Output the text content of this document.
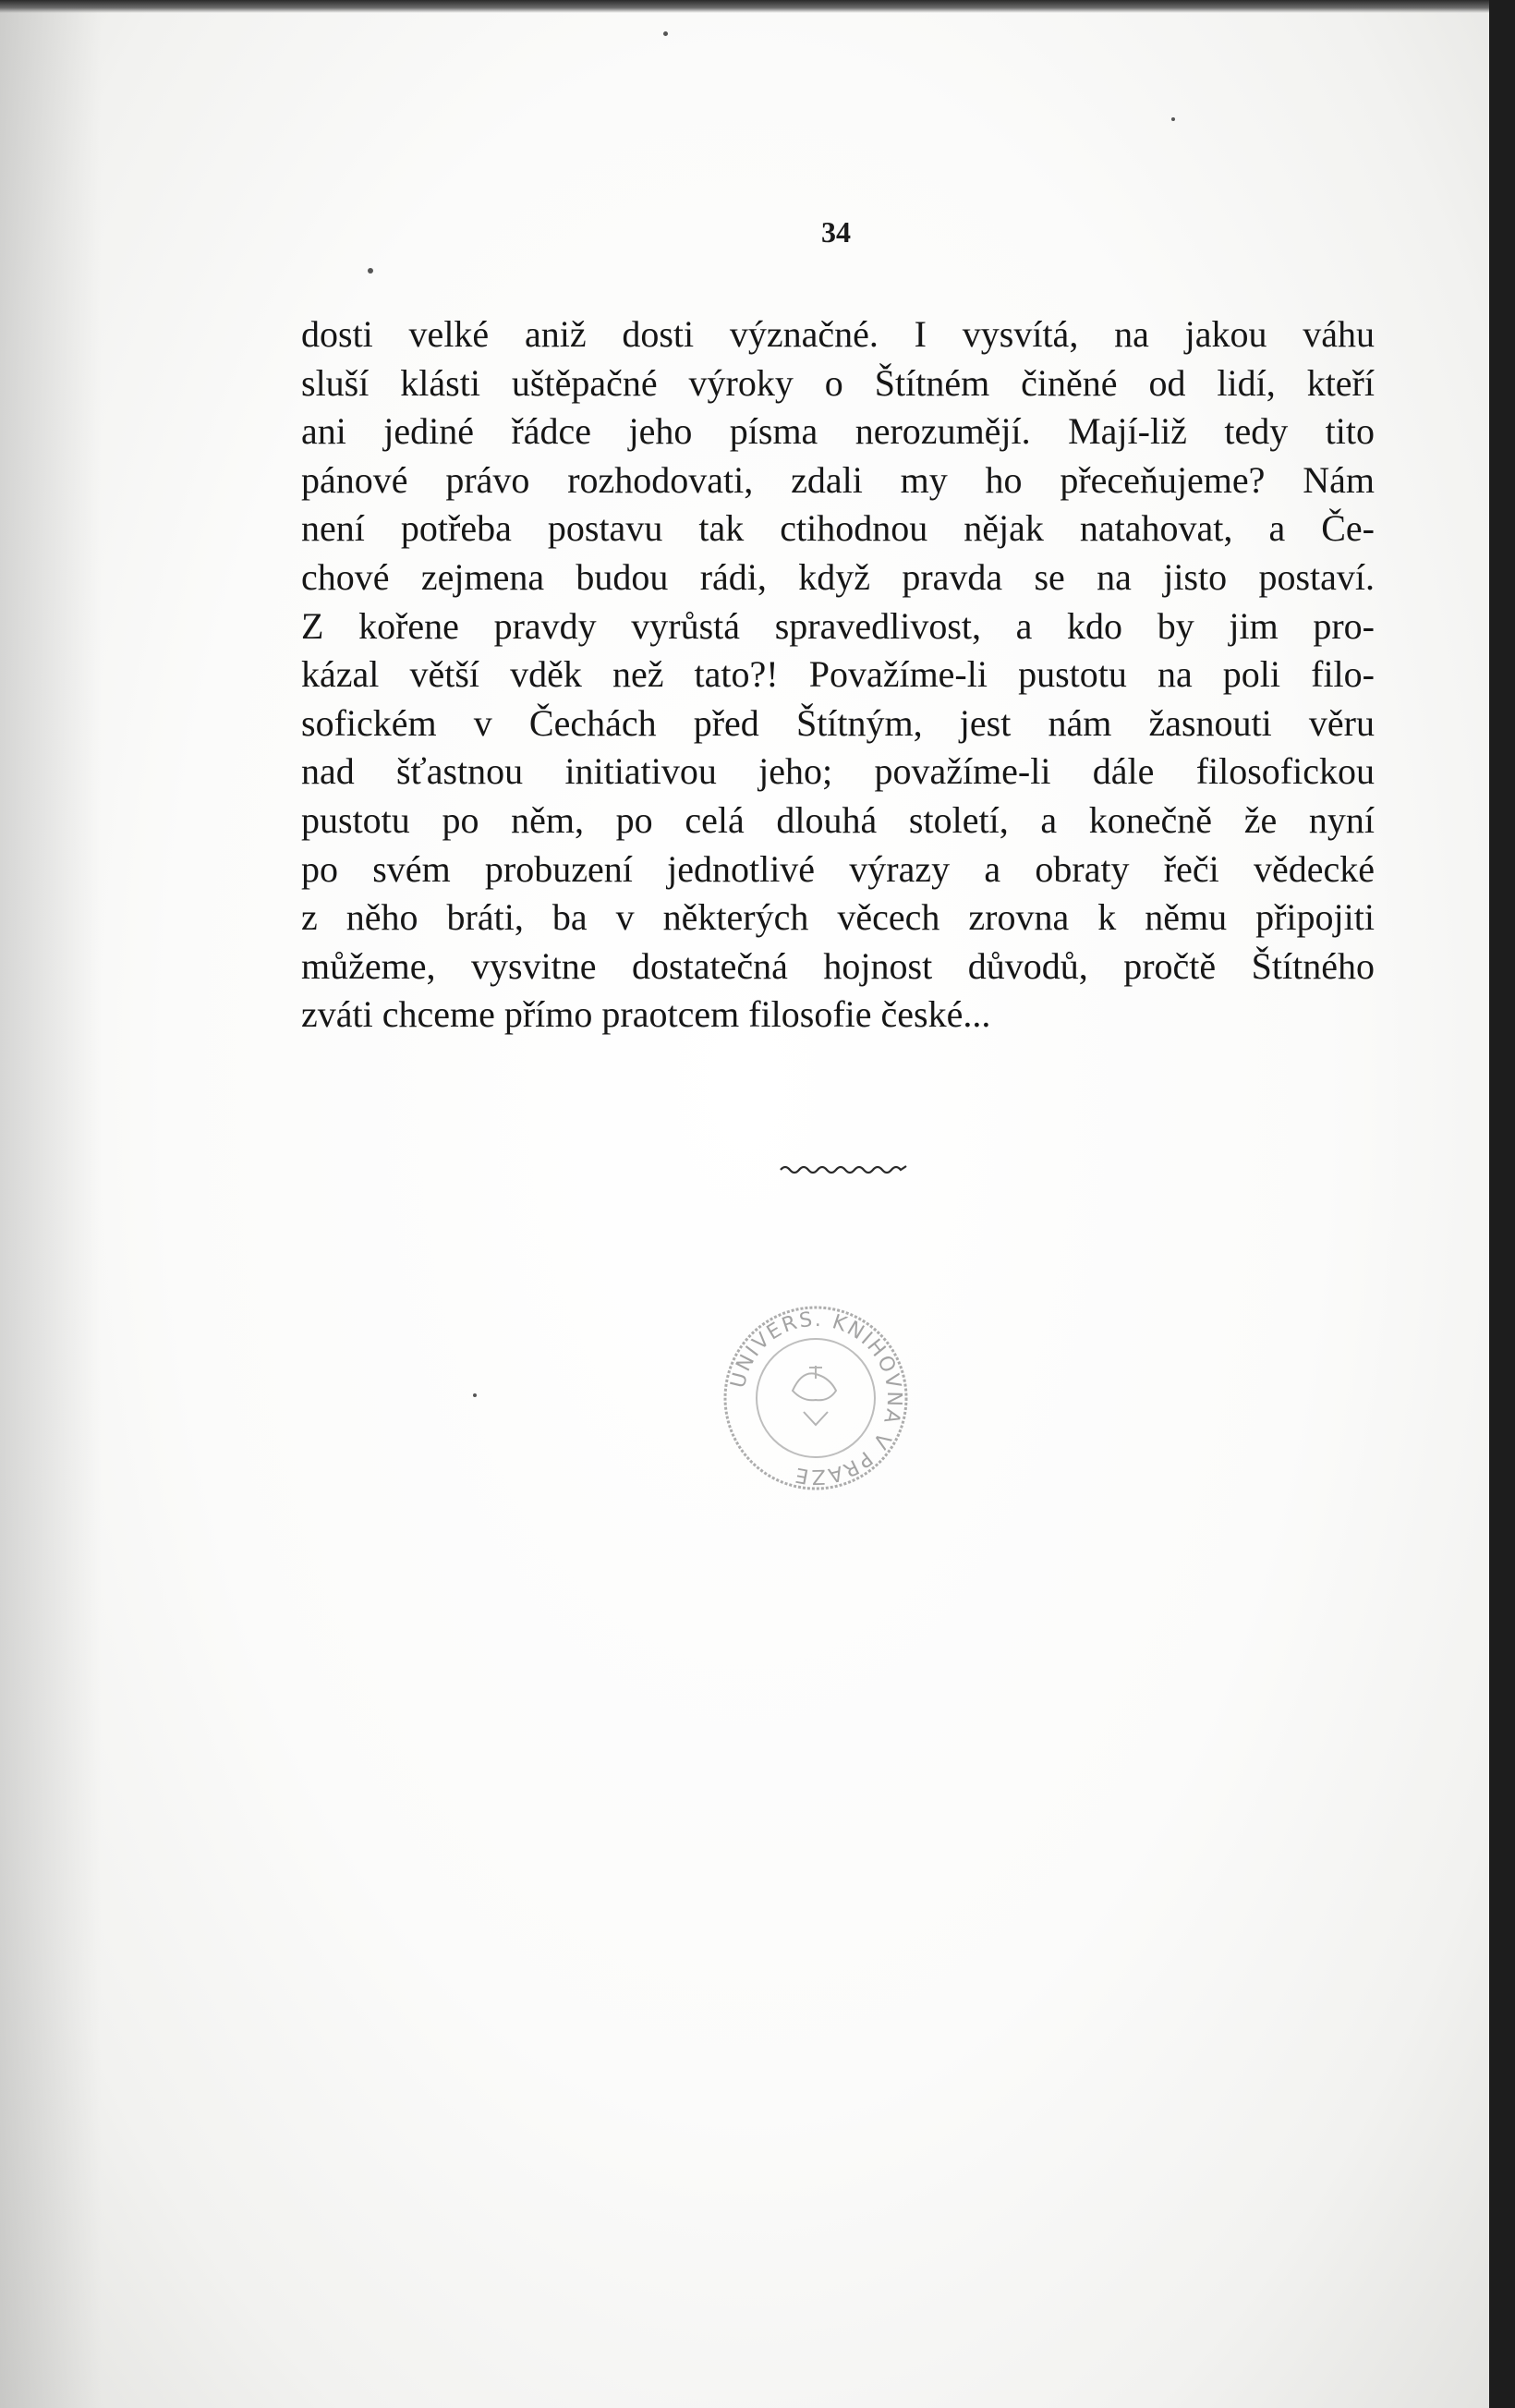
34
dosti velké aniž dosti význačné. I vysvítá, na jakou váhu
sluší klásti uštěpačné výroky o Štítném činěné od lidí, kteří
ani jediné řádce jeho písma nerozumějí. Mají-liž tedy tito
pánové právo rozhodovati, zdali my ho přeceňujeme? Nám
není potřeba postavu tak ctihodnou nějak natahovat, a Če-
chové zejmena budou rádi, když pravda se na jisto postaví.
Z kořene pravdy vyrůstá spravedlivost, a kdo by jim pro-
kázal větší vděk než tato?! Považíme-li pustotu na poli filo-
sofickém v Čechách před Štítným, jest nám žasnouti věru
nad šťastnou initiativou jeho; považíme-li dále filosofickou
pustotu po něm, po celá dlouhá století, a konečně že nyní
po svém probuzení jednotlivé výrazy a obraty řeči vědecké
z něho bráti, ba v některých věcech zrovna k němu připojiti
můžeme, vysvitne dostatečná hojnost důvodů, pročtě Štítného
zváti chceme přímo praotcem filosofie české...
UNIVERS. KNIHOVNA V PRAZE
